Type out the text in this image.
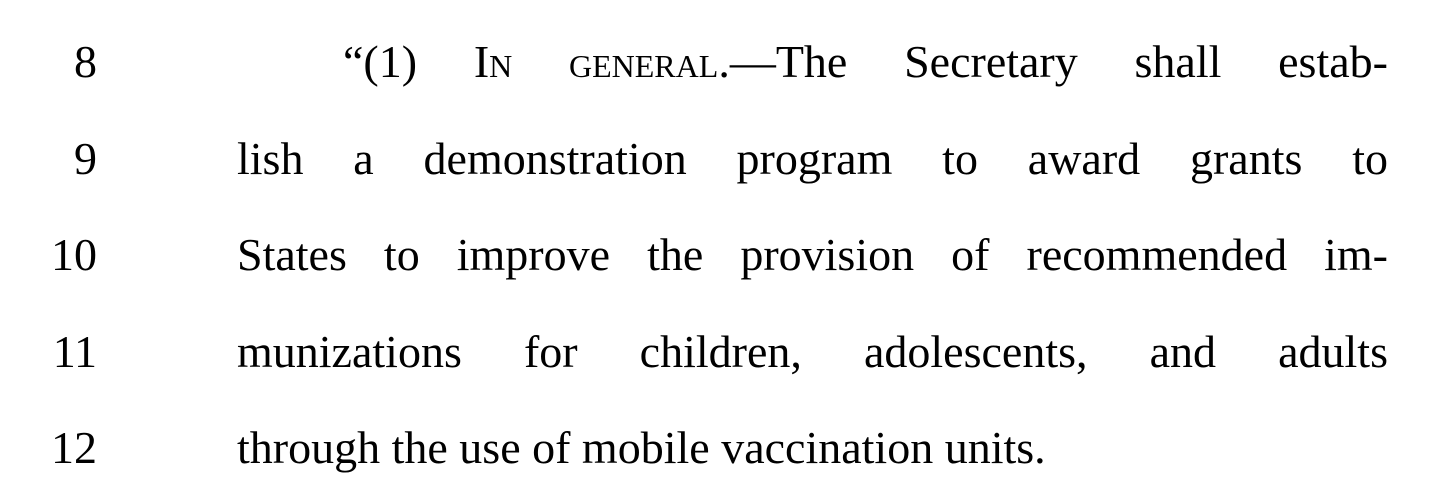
8	“(1) In general.—The Secretary shall estab-
9	lish a demonstration program to award grants to
10	States to improve the provision of recommended im-
11	munizations for children, adolescents, and adults
12	through the use of mobile vaccination units.
